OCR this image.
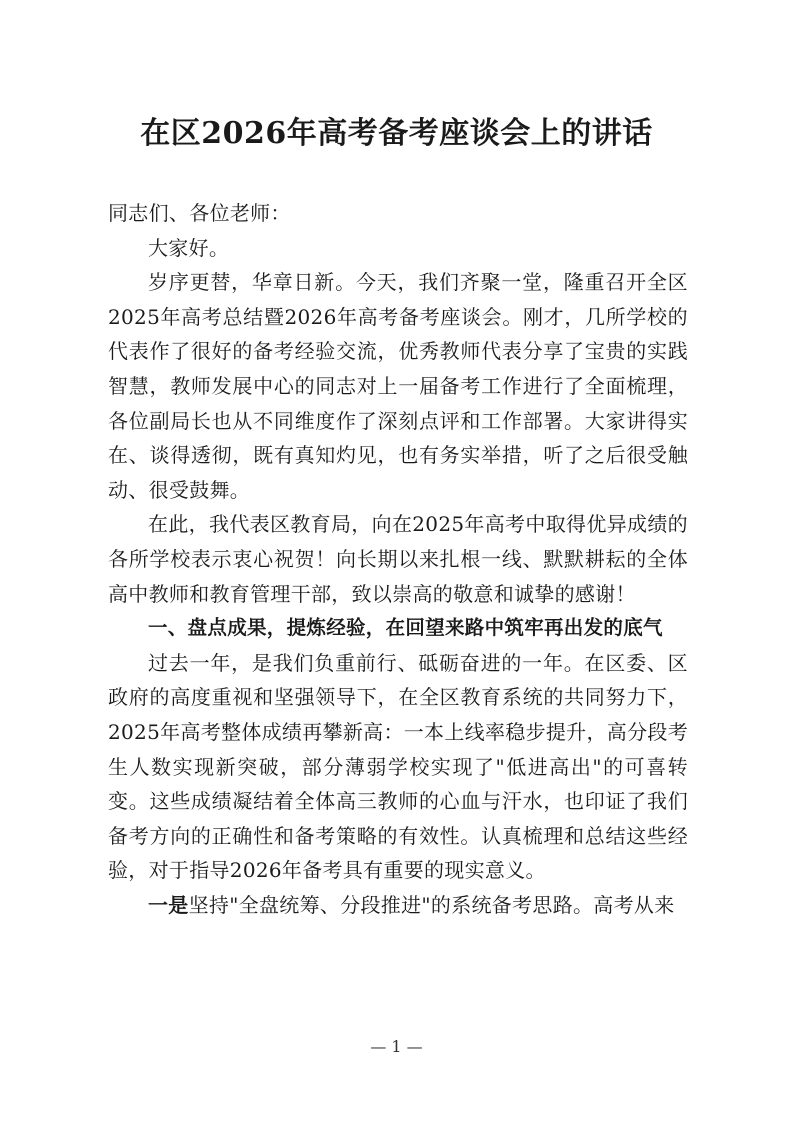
在区2026年高考备考座谈会上的讲话

同志们、各位老师：

大家好。

岁序更替，华章日新。今天，我们齐聚一堂，隆重召开全区2025年高考总结暨2026年高考备考座谈会。刚才，几所学校的代表作了很好的备考经验交流，优秀教师代表分享了宝贵的实践智慧，教师发展中心的同志对上一届备考工作进行了全面梳理，各位副局长也从不同维度作了深刻点评和工作部署。大家讲得实在、谈得透彻，既有真知灼见，也有务实举措，听了之后很受触动、很受鼓舞。

在此，我代表区教育局，向在2025年高考中取得优异成绩的各所学校表示衷心祝贺！向长期以来扎根一线、默默耕耘的全体高中教师和教育管理干部，致以崇高的敬意和诚挚的感谢！

一、盘点成果，提炼经验，在回望来路中筑牢再出发的底气

过去一年，是我们负重前行、砥砺奋进的一年。在区委、区政府的高度重视和坚强领导下，在全区教育系统的共同努力下，2025年高考整体成绩再攀新高：一本上线率稳步提升，高分段考生人数实现新突破，部分薄弱学校实现了"低进高出"的可喜转变。这些成绩凝结着全体高三教师的心血与汗水，也印证了我们备考方向的正确性和备考策略的有效性。认真梳理和总结这些经验，对于指导2026年备考具有重要的现实意义。

一是坚持"全盘统筹、分段推进"的系统备考思路。高考从来

— 1 —
